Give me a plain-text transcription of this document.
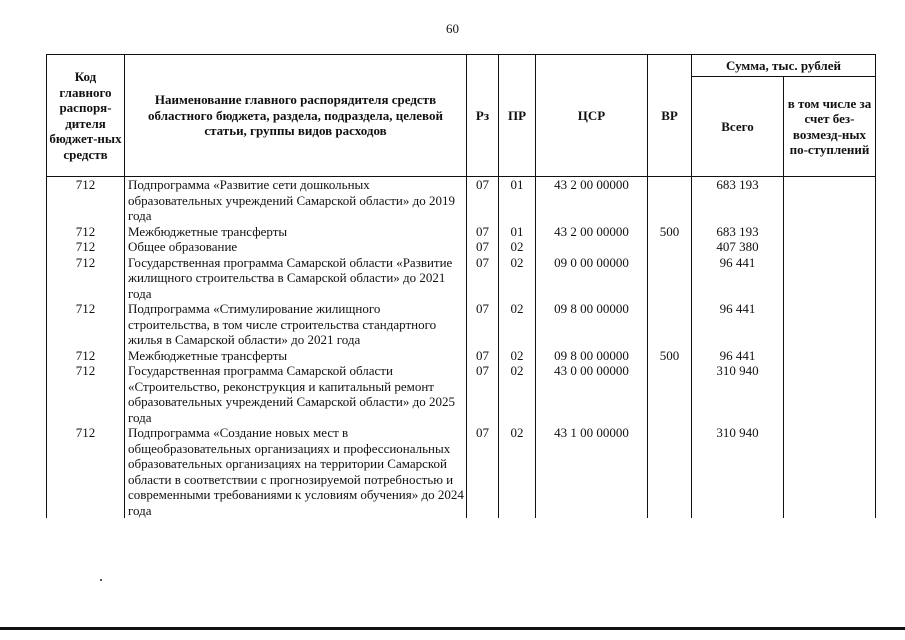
60
Код главного распоря-дителя бюджет-ных средств	Наименование главного распорядителя средств областного бюджета, раздела, подраздела, целевой статьи, группы видов расходов	Рз	ПР	ЦСР	ВР	Сумма, тыс. рублей	
						Всего	в том числе за счет без-возмезд-ных по-ступлений
712	Подпрограмма «Развитие сети дошкольных образовательных учреждений Самарской области» до 2019 года	07	01	43 2 00 00000		683 193	
712	Межбюджетные трансферты	07	01	43 2 00 00000	500	683 193	
712	Общее образование	07	02			407 380	
712	Государственная программа Самарской области «Развитие жилищного строительства в Самарской области» до 2021 года	07	02	09 0 00 00000		96 441	
712	Подпрограмма «Стимулирование жилищного строительства, в том числе строительства стандартного жилья в Самарской области» до 2021 года	07	02	09 8 00 00000		96 441	
712	Межбюджетные трансферты	07	02	09 8 00 00000	500	96 441	
712	Государственная программа Самарской области «Строительство, реконструкция и капитальный ремонт образовательных учреждений Самарской области» до 2025 года	07	02	43 0 00 00000		310 940	
712	Подпрограмма «Создание новых мест в общеобразовательных организациях и профессиональных образовательных организациях на территории Самарской области в соответствии с прогнозируемой потребностью и современными требованиями к условиям обучения» до 2024 года	07	02	43 1 00 00000		310 940	
